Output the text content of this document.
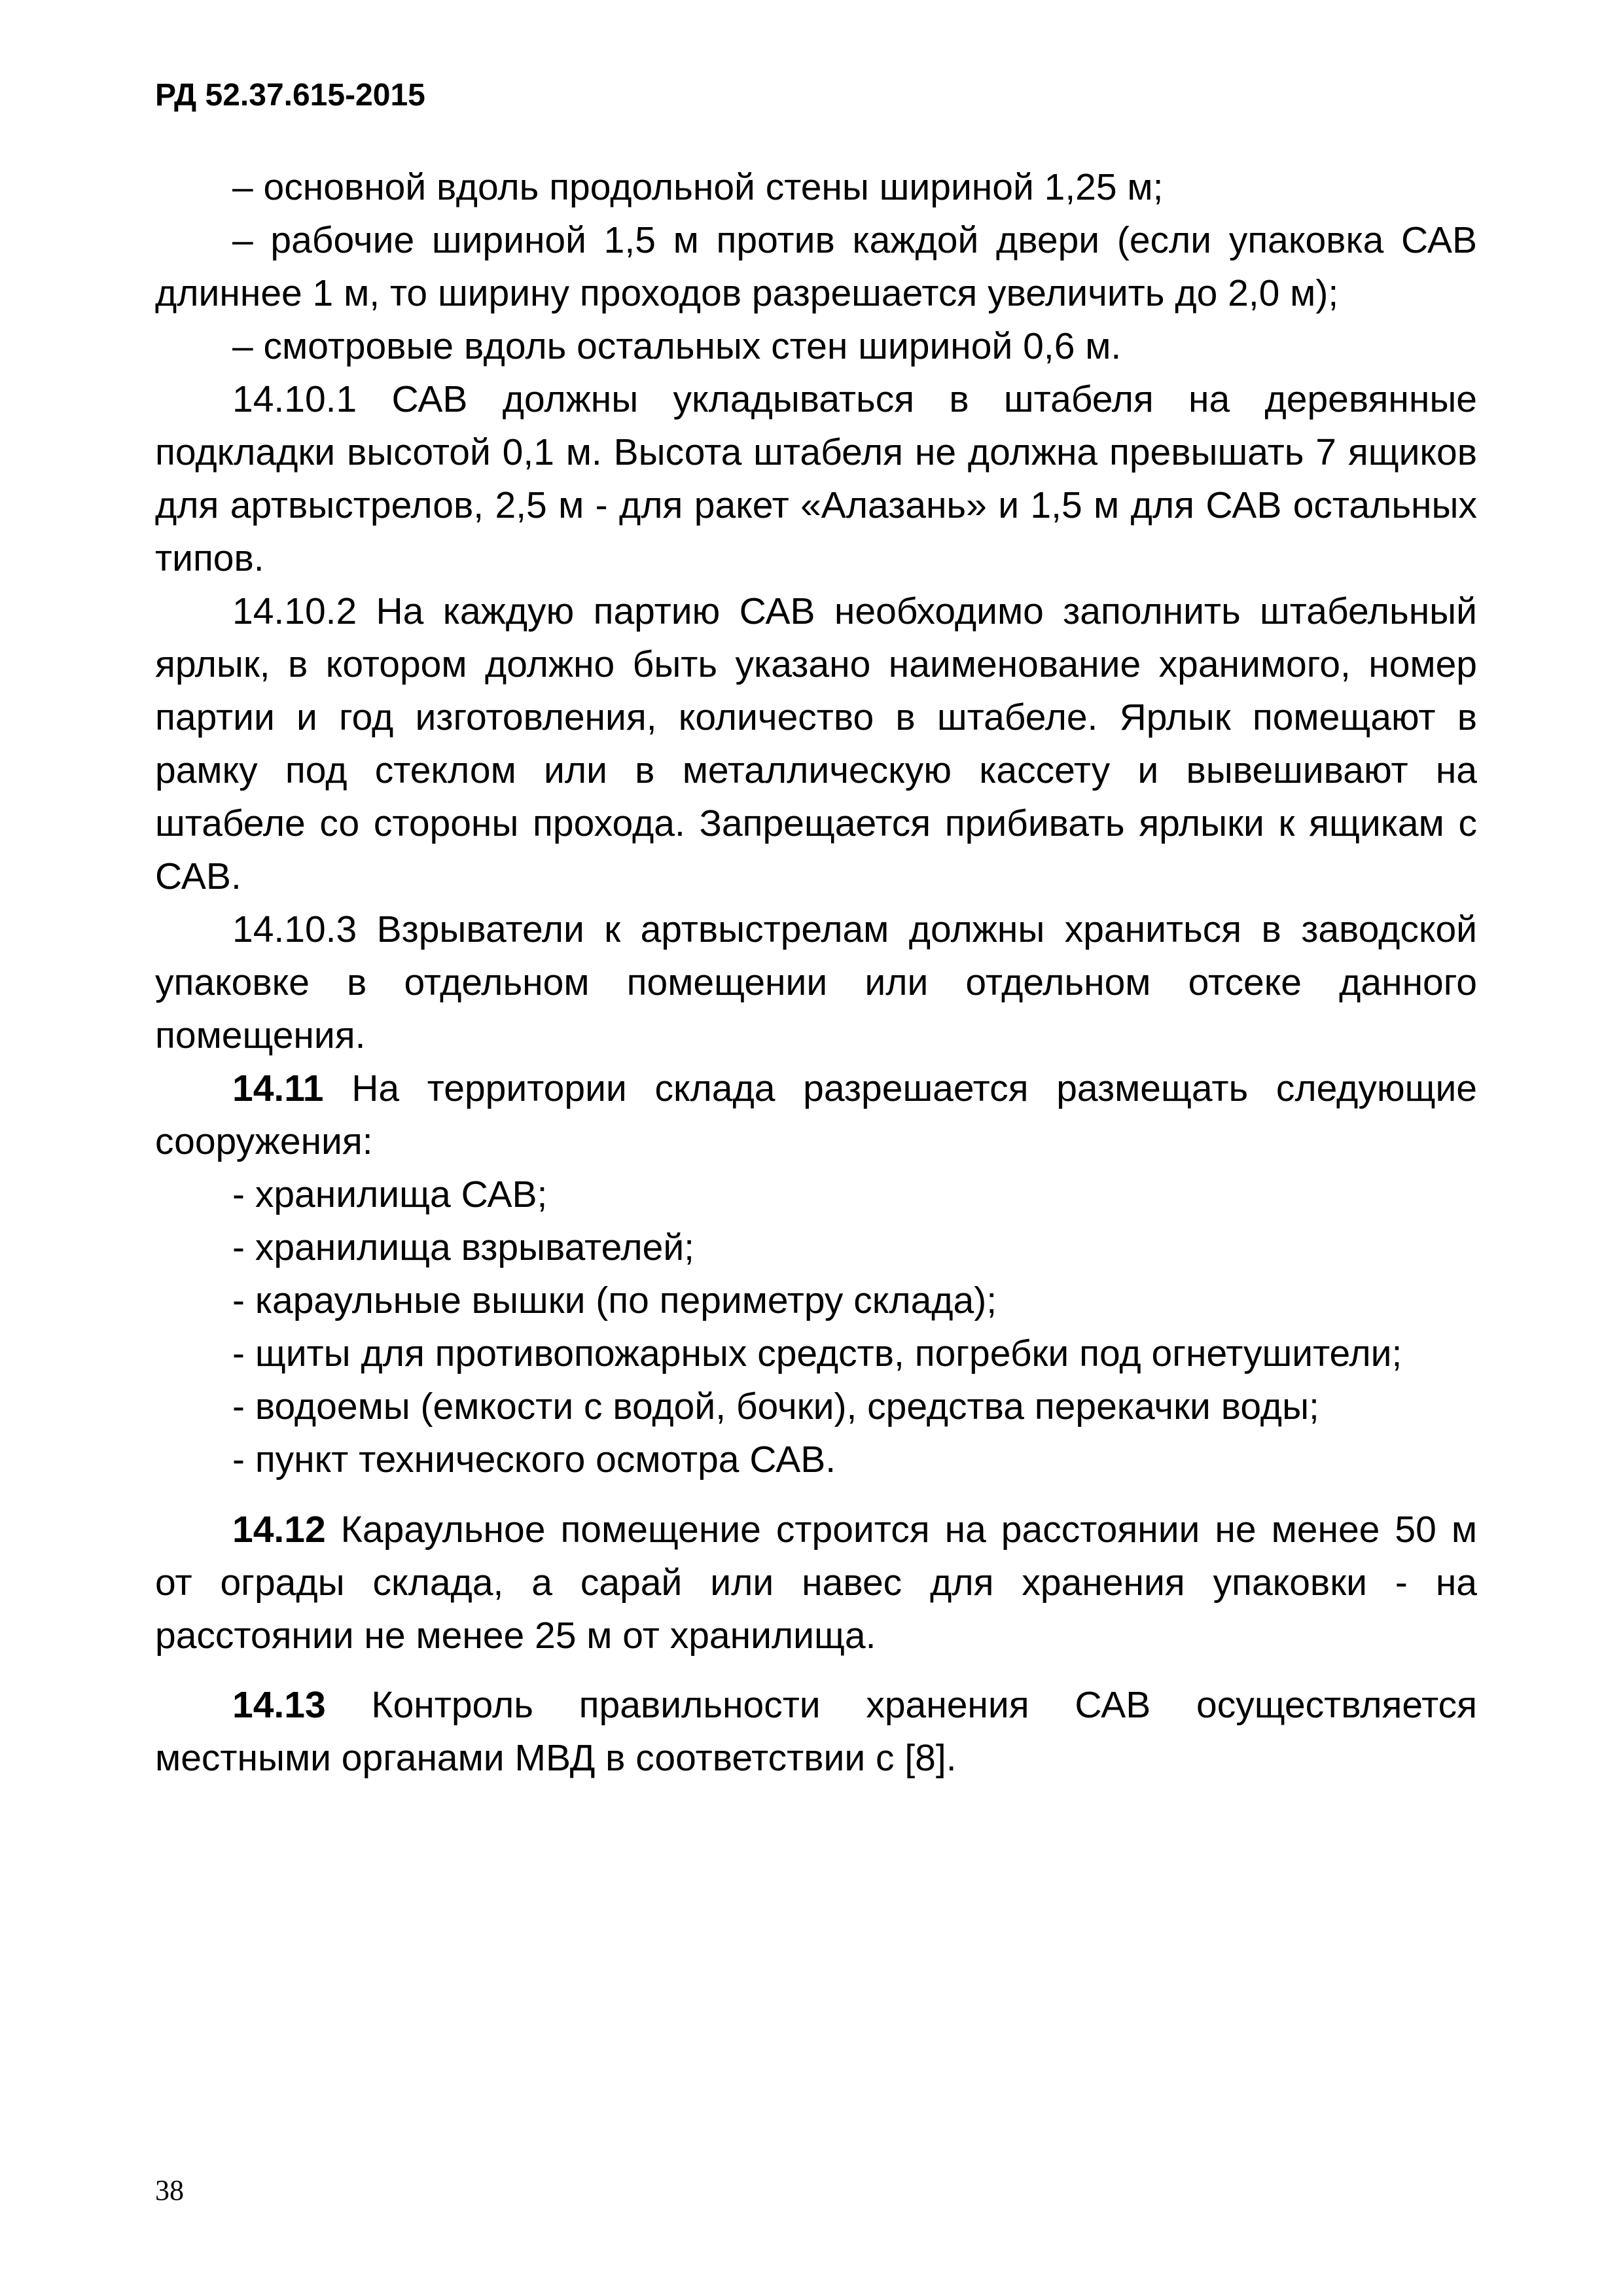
РД 52.37.615-2015

– основной вдоль продольной стены шириной 1,25 м;

– рабочие шириной 1,5 м против каждой двери (если упаковка САВ длиннее 1 м, то ширину проходов разрешается увеличить до 2,0 м);

– смотровые вдоль остальных стен шириной 0,6 м.

14.10.1 САВ должны укладываться в штабеля на деревянные подкладки высотой 0,1 м. Высота штабеля не должна превышать 7 ящиков для артвыстрелов, 2,5 м - для ракет «Алазань» и 1,5 м для САВ остальных типов.

14.10.2 На каждую партию САВ необходимо заполнить штабельный ярлык, в котором должно быть указано наименование хранимого, номер партии и год изготовления, количество в штабеле. Ярлык помещают в рамку под стеклом или в металлическую кассету и вывешивают на штабеле со стороны прохода. Запрещается прибивать ярлыки к ящикам с САВ.

14.10.3 Взрыватели к артвыстрелам должны храниться в заводской упаковке в отдельном помещении или отдельном отсеке данного помещения.

14.11 На территории склада разрешается размещать следующие сооружения:

- хранилища САВ;

- хранилища взрывателей;

- караульные вышки (по периметру склада);

- щиты для противопожарных средств, погребки под огнетушители;

- водоемы (емкости с водой, бочки), средства перекачки воды;

- пункт технического осмотра САВ.

14.12 Караульное помещение строится на расстоянии не менее 50 м от ограды склада, а сарай или навес для хранения упаковки - на расстоянии не менее 25 м от хранилища.

14.13 Контроль правильности хранения САВ осуществляется местными органами МВД в соответствии с [8].

38
